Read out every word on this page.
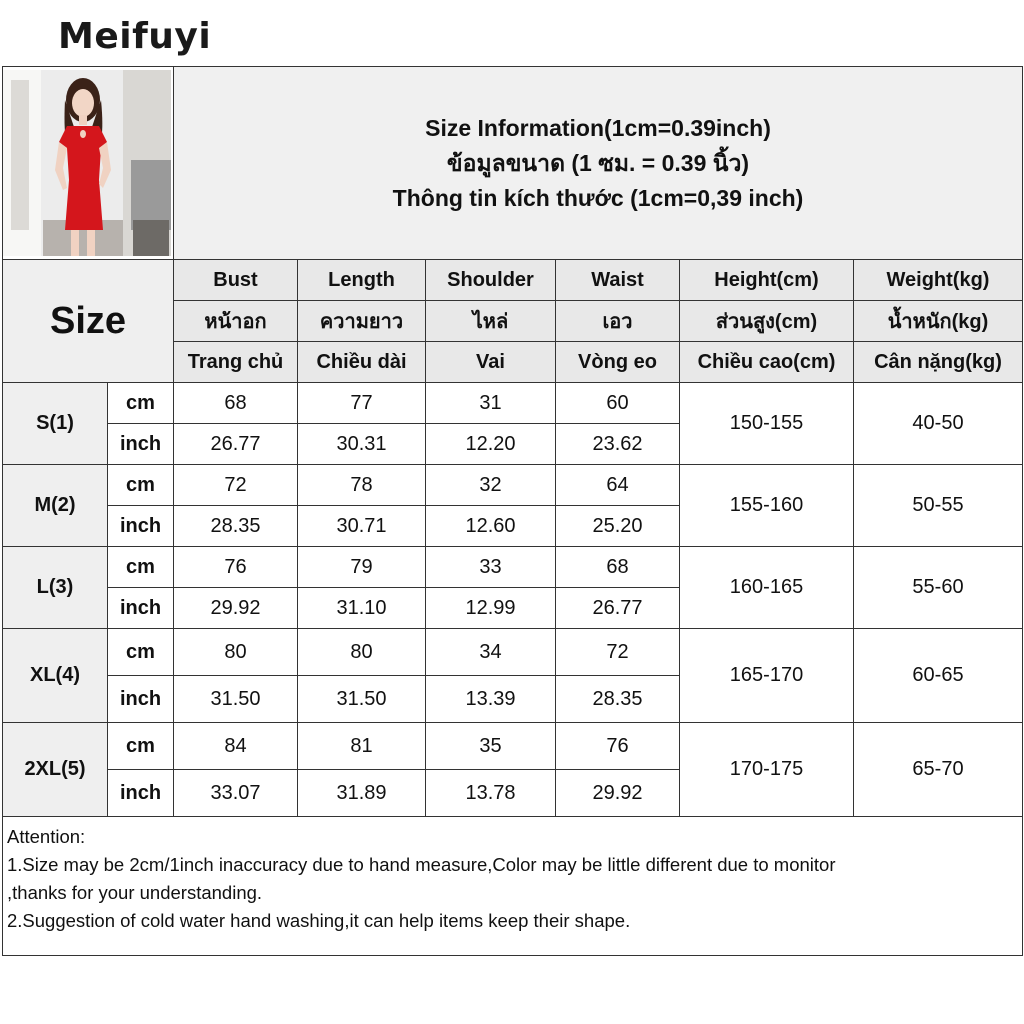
Meifuyi

Size Information(1cm=0.39inch)
ข้อมูลขนาด (1 ซม. = 0.39 นิ้ว)
Thông tin kích thước (1cm=0,39 inch)					

Size		Bust	Length	Shoulder	Waist	Height(cm)	Weight(kg)
		หน้าอก	ความยาว	ไหล่	เอว	ส่วนสูง(cm)	น้ำหนัก(kg)
		Trang chủ	Chiều dài	Vai	Vòng eo	Chiều cao(cm)	Cân nặng(kg)
S(1)	cm	68	77	31	60	150-155	40-50
	inch	26.77	30.31	12.20	23.62		
M(2)	cm	72	78	32	64	155-160	50-55
	inch	28.35	30.71	12.60	25.20		
L(3)	cm	76	79	33	68	160-165	55-60
	inch	29.92	31.10	12.99	26.77		
XL(4)	cm	80	80	34	72	165-170	60-65
	inch	31.50	31.50	13.39	28.35		
2XL(5)	cm	84	81	35	76	170-175	65-70
	inch	33.07	31.89	13.78	29.92		

Attention:
1.Size may be 2cm/1inch inaccuracy due to hand measure,Color may be little different due to monitor
,thanks for your understanding.
2.Suggestion of cold water hand washing,it can help items keep their shape.							
